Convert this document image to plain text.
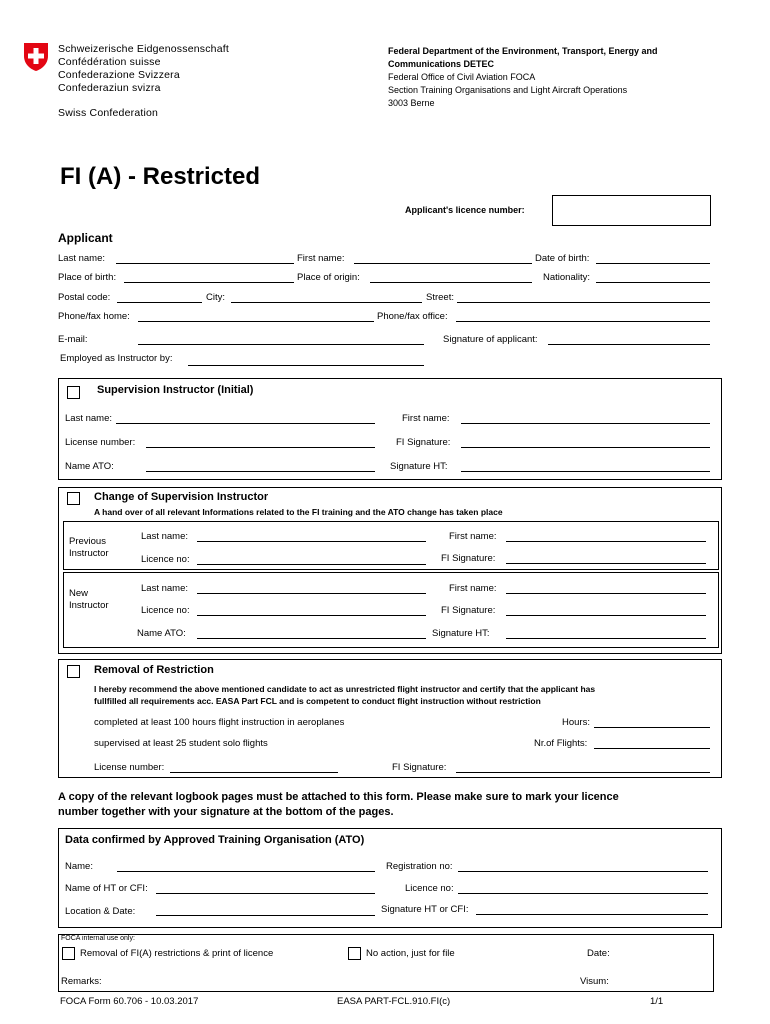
Schweizerische Eidgenossenschaft
Confédération suisse
Confederazione Svizzera
Confederaziun svizra
Swiss Confederation
Federal Department of the Environment, Transport, Energy and
Communications DETEC
Federal Office of Civil Aviation FOCA
Section Training Organisations and Light Aircraft Operations
3003 Berne
FI (A) - Restricted
Applicant's licence number:
Applicant
Last name:	First name:	Date of birth:
Place of birth:	Place of origin:	Nationality:
Postal code:	City:	Street:
Phone/fax home:	Phone/fax office:
E-mail:	Signature of applicant:
Employed as Instructor by:
Supervision Instructor (Initial)
Last name:	First name:
License number:	FI Signature:
Name ATO:	Signature HT:
Change of Supervision Instructor
A hand over of all relevant Informations related to the FI training and the ATO change has taken place
Previous
Instructor
Last name:	First name:
Licence no:	FI Signature:
New
Instructor
Last name:	First name:
Licence no:	FI Signature:
Name ATO:	Signature HT:
Removal of Restriction
I hereby recommend the above mentioned candidate to act as unrestricted flight instructor and certify that the applicant has
fullfilled all requirements acc. EASA Part FCL and is competent to conduct flight instruction without restriction
completed at least 100 hours flight instruction in aeroplanes	Hours:
supervised at least 25 student solo flights	Nr.of Flights:
License number:	FI Signature:
A copy of the relevant logbook pages must be attached to this form. Please make sure to mark your licence
number together with your signature at the bottom of the pages.
Data confirmed by Approved Training Organisation (ATO)
Name:	Registration no:
Name of HT or CFI:	Licence no:
Location & Date:	Signature HT or CFI:
FOCA internal use only:
Removal of FI(A) restrictions & print of licence	No action, just for file	Date:
Remarks:	Visum:
FOCA Form 60.706 - 10.03.2017	EASA PART-FCL.910.FI(c)	1/1
